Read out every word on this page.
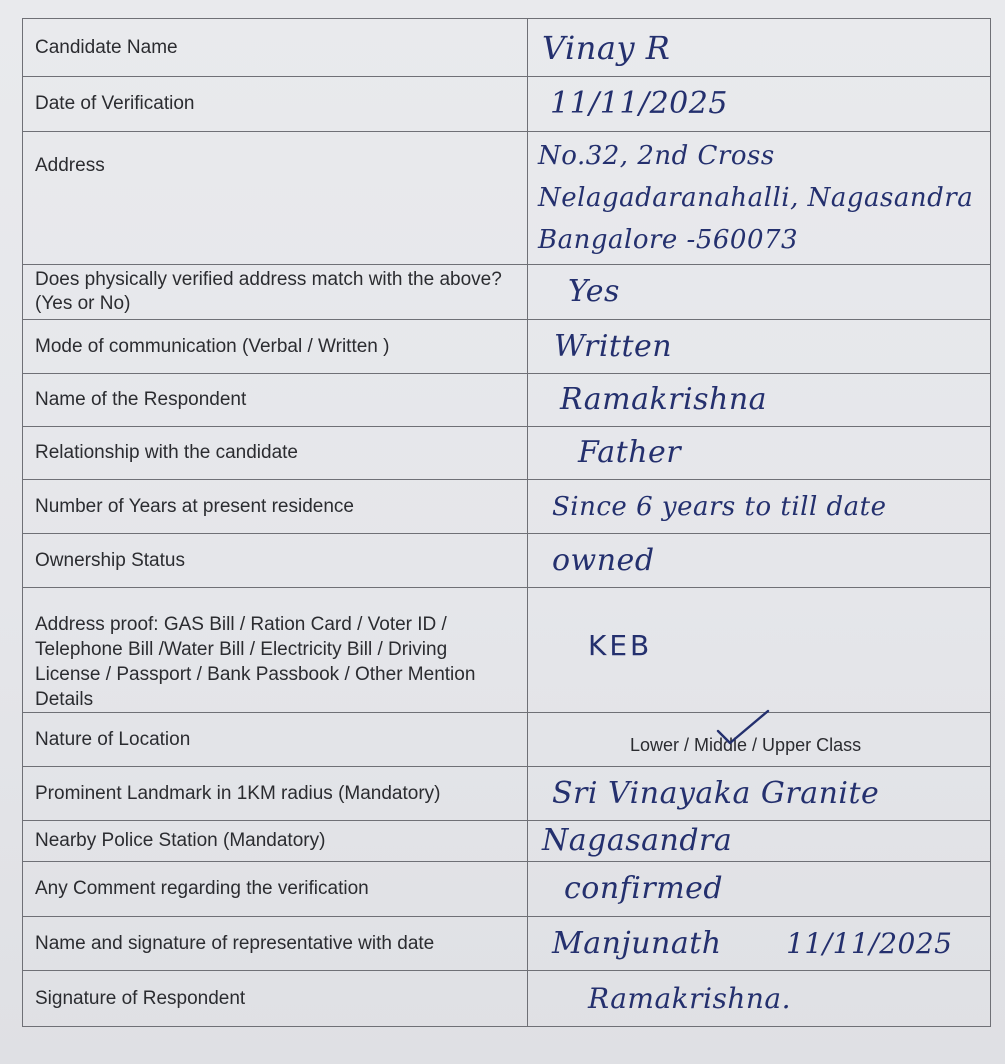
Candidate Name	Vinay R
Date of Verification	11/11/2025
Address	No.32, 2nd Cross
Nelagadaranahalli, Nagasandra
Bangalore -560073

Does physically verified address match with the above?(Yes or No)	Yes
Mode of communication (Verbal / Written )	Written
Name of the Respondent	Ramakrishna
Relationship with the candidate	Father
Number of Years at present residence	Since 6 years to till date
Ownership Status	owned
Address proof: GAS Bill / Ration Card / Voter ID / Telephone Bill /Water Bill / Electricity Bill / Driving License / Passport / Bank Passbook / Other Mention Details	KEB
Nature of Location	Lower / Middle / Upper Class

Prominent Landmark in 1KM radius (Mandatory)	Sri Vinayaka Granite
Nearby Police Station (Mandatory)	Nagasandra
Any Comment regarding the verification	confirmed
Name and signature of representative with date	Manjunath 11/11/2025
Signature of Respondent	Ramakrishna.
